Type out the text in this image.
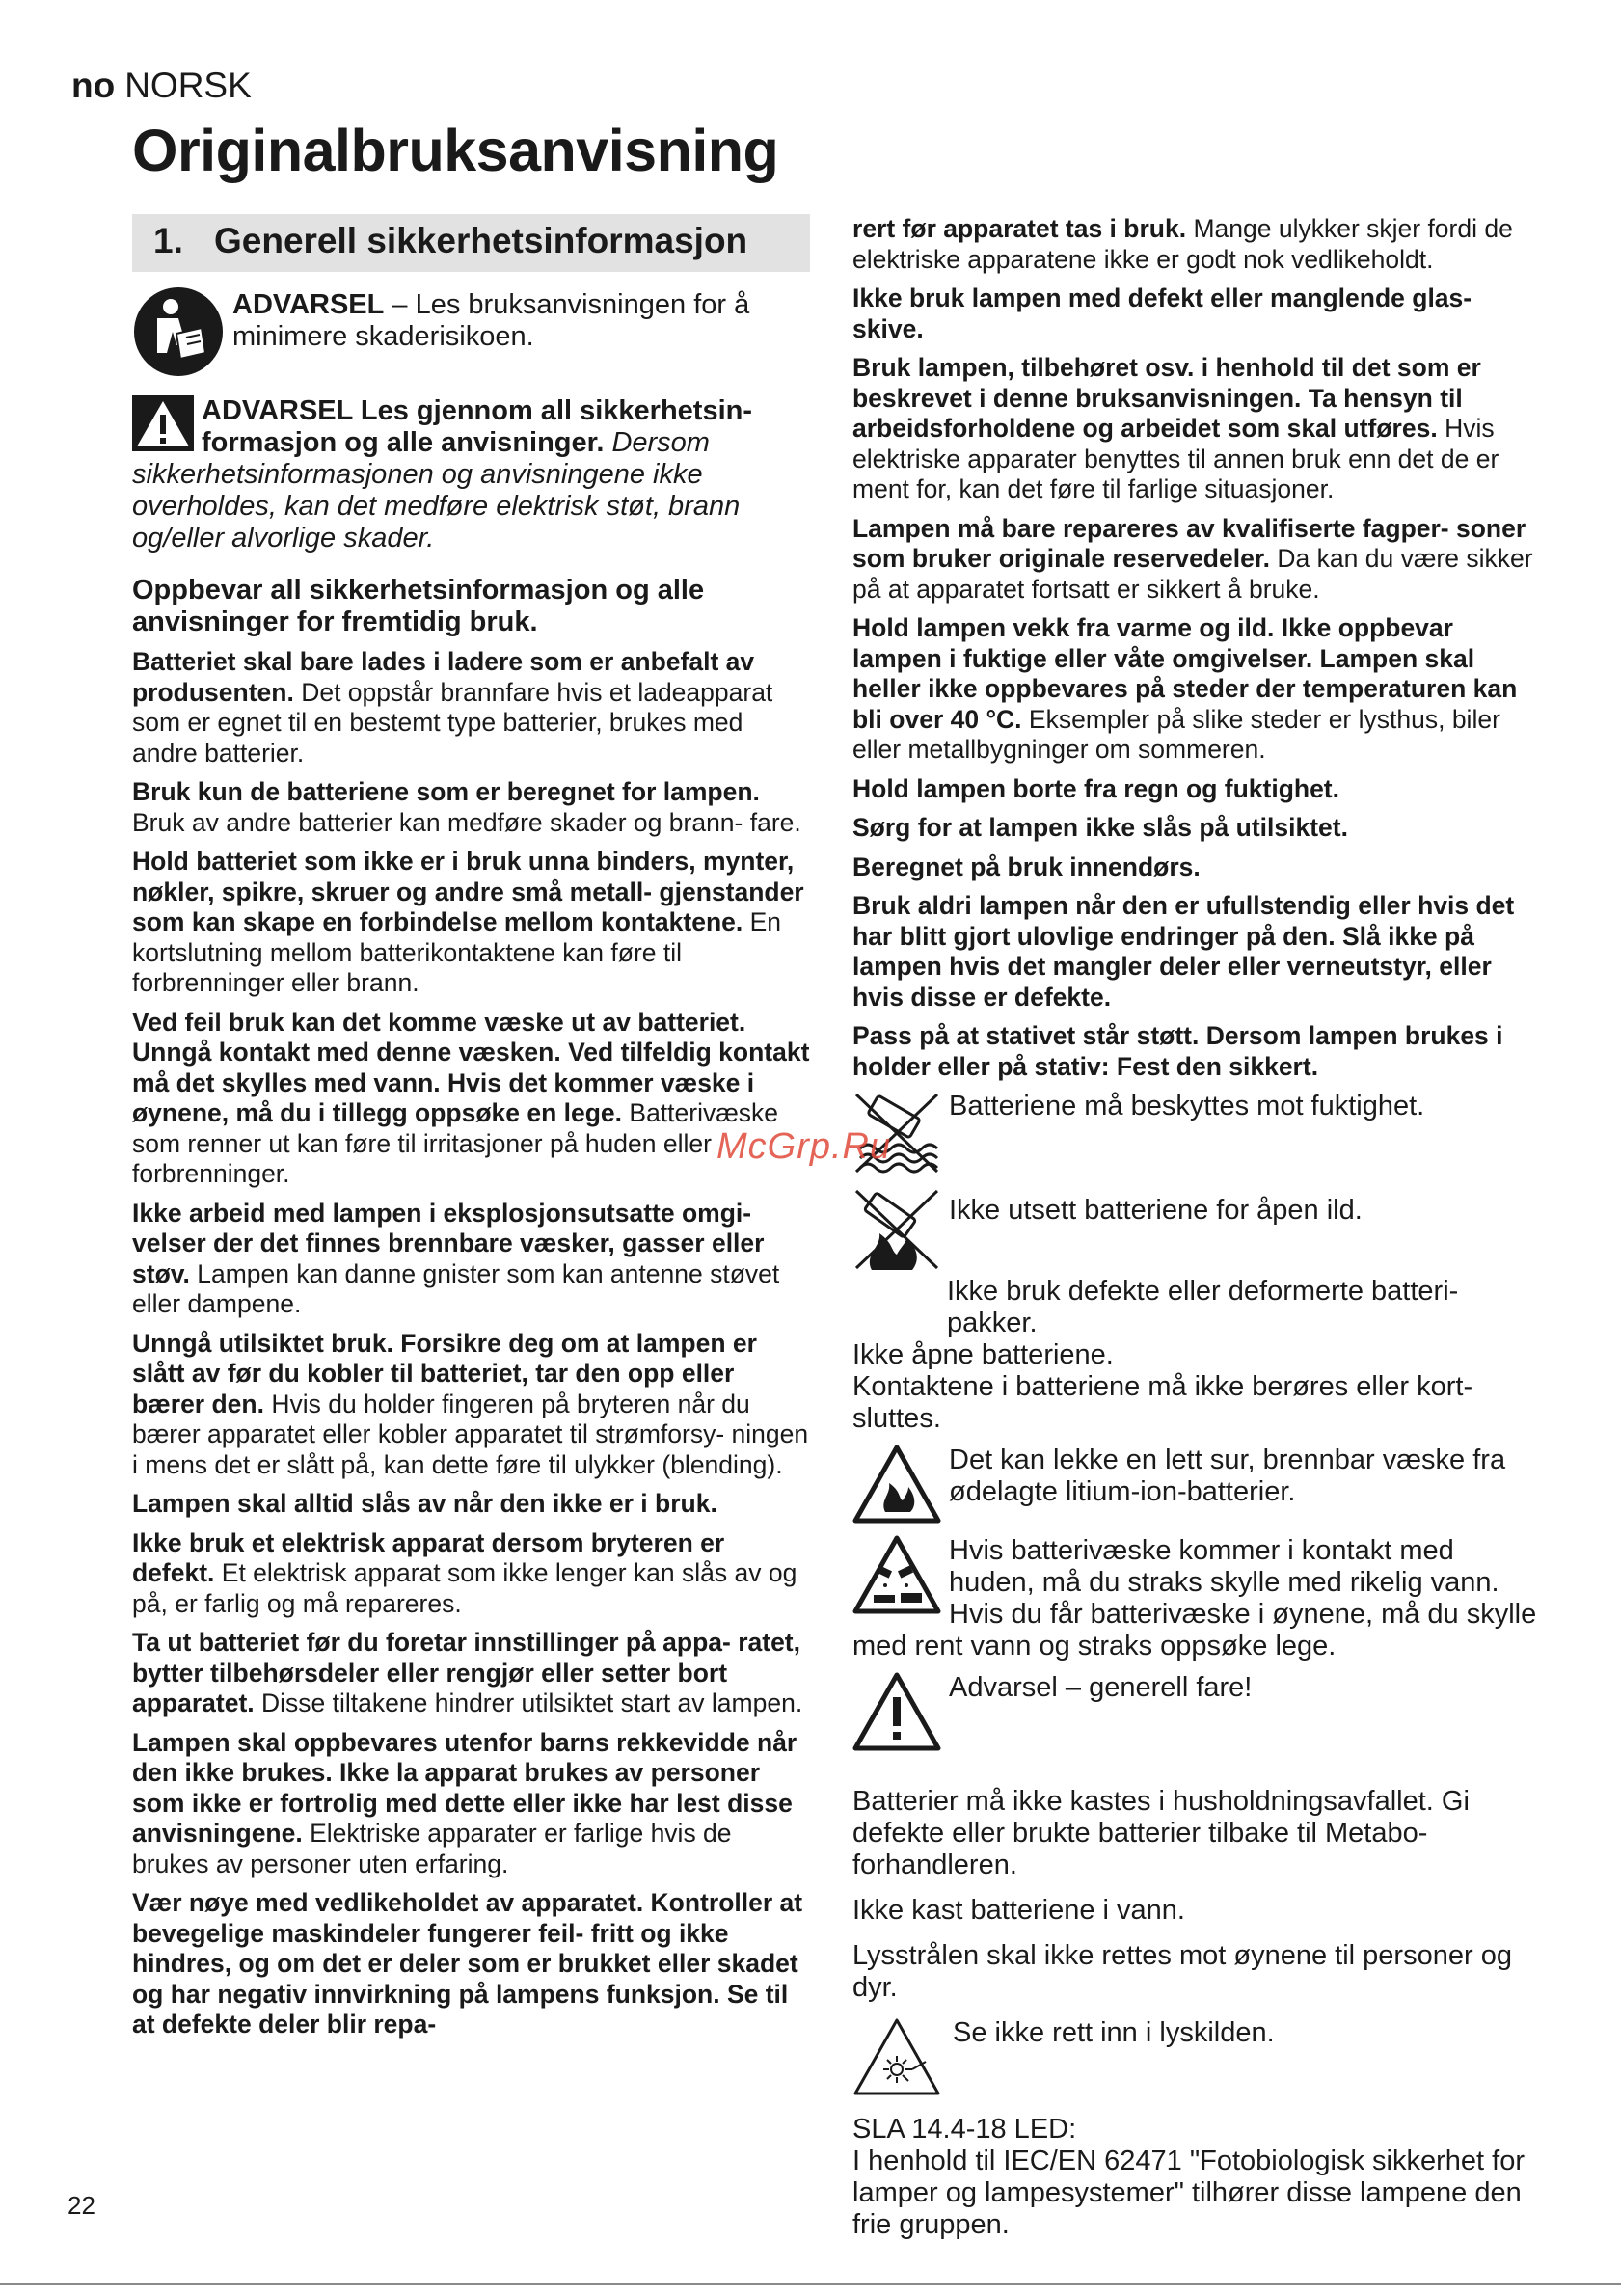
no NORSK
Originalbruksanvisning
1. Generell sikkerhetsinformasjon
ADVARSEL – Les bruksanvisningen for å minimere skaderisikoen.
ADVARSEL Les gjennom all sikkerhetsin- formasjon og alle anvisninger. Dersom sikkerhetsinformasjonen og anvisningene ikke overholdes, kan det medføre elektrisk støt, brann og/eller alvorlige skader.
Oppbevar all sikkerhetsinformasjon og alle anvisninger for fremtidig bruk.
Batteriet skal bare lades i ladere som er anbefalt av produsenten. Det oppstår brannfare hvis et ladeapparat som er egnet til en bestemt type batterier, brukes med andre batterier.
Bruk kun de batteriene som er beregnet for lampen. Bruk av andre batterier kan medføre skader og brann- fare.
Hold batteriet som ikke er i bruk unna binders, mynter, nøkler, spikre, skruer og andre små metall- gjenstander som kan skape en forbindelse mellom kontaktene. En kortslutning mellom batterikontaktene kan føre til forbrenninger eller brann.
Ved feil bruk kan det komme væske ut av batteriet. Unngå kontakt med denne væsken. Ved tilfeldig kontakt må det skylles med vann. Hvis det kommer væske i øynene, må du i tillegg oppsøke en lege. Batterivæske som renner ut kan føre til irritasjoner på huden eller forbrenninger.
Ikke arbeid med lampen i eksplosjonsutsatte omgi- velser der det finnes brennbare væsker, gasser eller støv. Lampen kan danne gnister som kan antenne støvet eller dampene.
Unngå utilsiktet bruk. Forsikre deg om at lampen er slått av før du kobler til batteriet, tar den opp eller bærer den. Hvis du holder fingeren på bryteren når du bærer apparatet eller kobler apparatet til strømforsy- ningen i mens det er slått på, kan dette føre til ulykker (blending).
Lampen skal alltid slås av når den ikke er i bruk.
Ikke bruk et elektrisk apparat dersom bryteren er defekt. Et elektrisk apparat som ikke lenger kan slås av og på, er farlig og må repareres.
Ta ut batteriet før du foretar innstillinger på appa- ratet, bytter tilbehørsdeler eller rengjør eller setter bort apparatet. Disse tiltakene hindrer utilsiktet start av lampen.
Lampen skal oppbevares utenfor barns rekkevidde når den ikke brukes. Ikke la apparat brukes av personer som ikke er fortrolig med dette eller ikke har lest disse anvisningene. Elektriske apparater er farlige hvis de brukes av personer uten erfaring.
Vær nøye med vedlikeholdet av apparatet. Kontroller at bevegelige maskindeler fungerer feil- fritt og ikke hindres, og om det er deler som er brukket eller skadet og har negativ innvirkning på lampens funksjon. Se til at defekte deler blir repa-
rert før apparatet tas i bruk. Mange ulykker skjer fordi de elektriske apparatene ikke er godt nok vedlikeholdt.
Ikke bruk lampen med defekt eller manglende glas- skive.
Bruk lampen, tilbehøret osv. i henhold til det som er beskrevet i denne bruksanvisningen. Ta hensyn til arbeidsforholdene og arbeidet som skal utføres. Hvis elektriske apparater benyttes til annen bruk enn det de er ment for, kan det føre til farlige situasjoner.
Lampen må bare repareres av kvalifiserte fagper- soner som bruker originale reservedeler. Da kan du være sikker på at apparatet fortsatt er sikkert å bruke.
Hold lampen vekk fra varme og ild. Ikke oppbevar lampen i fuktige eller våte omgivelser. Lampen skal heller ikke oppbevares på steder der temperaturen kan bli over 40 °C. Eksempler på slike steder er lysthus, biler eller metallbygninger om sommeren.
Hold lampen borte fra regn og fuktighet.
Sørg for at lampen ikke slås på utilsiktet.
Beregnet på bruk innendørs.
Bruk aldri lampen når den er ufullstendig eller hvis det har blitt gjort ulovlige endringer på den. Slå ikke på lampen hvis det mangler deler eller verneutstyr, eller hvis disse er defekte.
Pass på at stativet står støtt. Dersom lampen brukes i holder eller på stativ: Fest den sikkert.
Batteriene må beskyttes mot fuktighet.
Ikke utsett batteriene for åpen ild.
Ikke bruk defekte eller deformerte batteri- pakker.
Ikke åpne batteriene.
Kontaktene i batteriene må ikke berøres eller kort- sluttes.
Det kan lekke en lett sur, brennbar væske fra ødelagte litium-ion-batterier.
Hvis batterivæske kommer i kontakt med huden, må du straks skylle med rikelig vann. Hvis du får batterivæske i øynene, må du skylle med rent vann og straks oppsøke lege.
Advarsel – generell fare!
Batterier må ikke kastes i husholdningsavfallet. Gi defekte eller brukte batterier tilbake til Metabo- forhandleren.
Ikke kast batteriene i vann.
Lysstrålen skal ikke rettes mot øynene til personer og dyr.
Se ikke rett inn i lyskilden.
SLA 14.4-18 LED:
I henhold til IEC/EN 62471 "Fotobiologisk sikkerhet for lamper og lampesystemer" tilhører disse lampene den frie gruppen.
McGrp.Ru
22
